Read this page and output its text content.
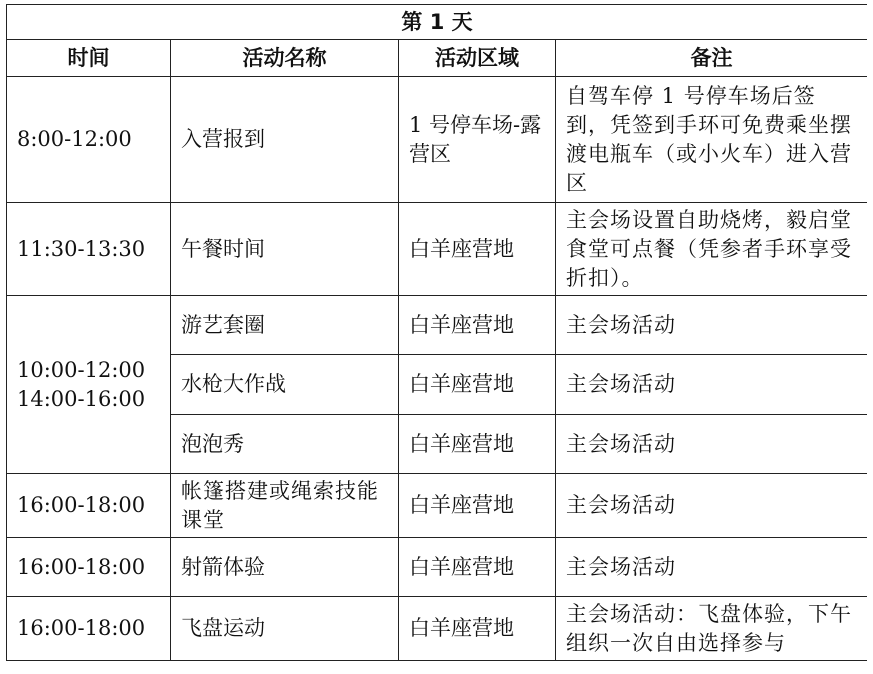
第 1 天			
时间	活动名称	活动区域	备注
8:00-12:00	入营报到	1 号停车场-露营区	自驾车停 1 号停车场后签到，凭签到手环可免费乘坐摆渡电瓶车（或小火车）进入营区
11:30-13:30	午餐时间	白羊座营地	主会场设置自助烧烤，毅启堂食堂可点餐（凭参者手环享受折扣）。

10:00-12:00
14:00-16:00	游艺套圈	白羊座营地	主会场活动
	水枪大作战	白羊座营地	主会场活动
	泡泡秀	白羊座营地	主会场活动
16:00-18:00	帐篷搭建或绳索技能课堂	白羊座营地	主会场活动
16:00-18:00	射箭体验	白羊座营地	主会场活动
16:00-18:00	飞盘运动	白羊座营地	主会场活动：飞盘体验，下午组织一次自由选择参与
